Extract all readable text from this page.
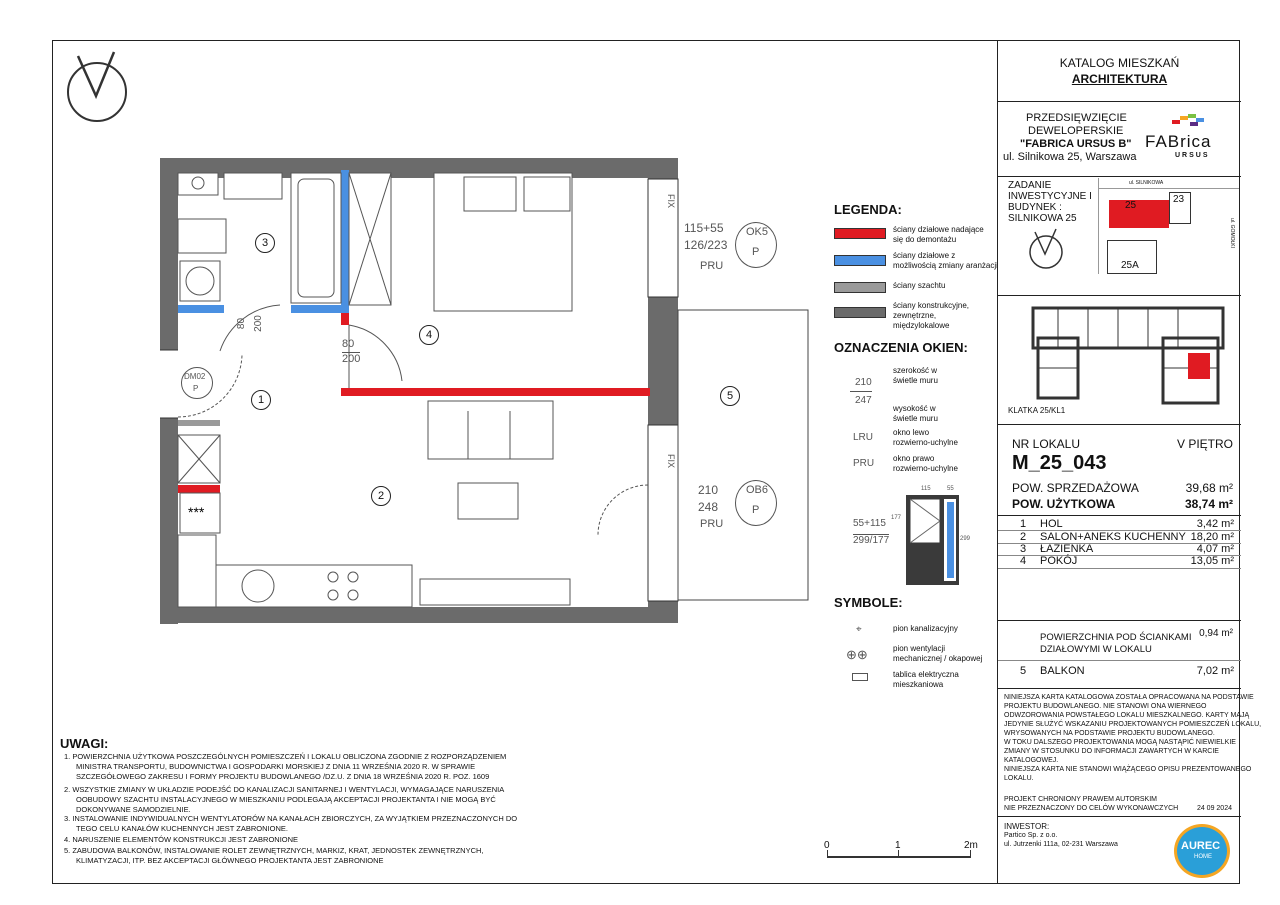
***
1
2
3
4
5
115+55
126/223
PRU
OK5
P
210
248
PRU
OB6
P
DM02
P
80
200
80 200
FIX
FIX
LEGENDA:
ściany działowe nadające
się do demontażu
ściany działowe z
możliwością zmiany aranżacji
ściany szachtu
ściany konstrukcyjne,
zewnętrzne,
międzylokalowe
OZNACZENIA OKIEN:
210
247
szerokość w
świetle muru
wysokość w
świetle muru
LRU okno lewo
rozwierno-uchylne
PRU okno prawo
rozwierno-uchylne
55+115
299/177
115	55
177
299
SYMBOLE:
⌖	pion kanalizacyjny
⊕⊕	pion wentylacji
mechanicznej / okapowej
tablica elektryczna
mieszkaniowa
0	1	2m
UWAGI:
1. POWIERZCHNIA UŻYTKOWA POSZCZEGÓLNYCH POMIESZCZEŃ I LOKALU OBLICZONA ZGODNIE Z ROZPORZĄDZENIEM
MINISTRA TRANSPORTU, BUDOWNICTWA I GOSPODARKI MORSKIEJ Z DNIA 11 WRZEŚNIA 2020 R. W SPRAWIE
SZCZEGÓŁOWEGO ZAKRESU I FORMY PROJEKTU BUDOWLANEGO /DZ.U. Z DNIA 18 WRZEŚNIA 2020 R. POZ. 1609
2. WSZYSTKIE ZMIANY W UKŁADZIE PODEJŚĆ DO KANALIZACJI SANITARNEJ I WENTYLACJI, WYMAGAJĄCE NARUSZENIA
OOBUDOWY SZACHTU INSTALACYJNEGO W MIESZKANIU PODLEGAJĄ AKCEPTACJI PROJEKTANTA I NIE MOGĄ BYĆ
DOKONYWANE SAMODZIELNIE.
3. INSTALOWANIE INDYWIDUALNYCH WENTYLATORÓW NA KANAŁACH ZBIORCZYCH, ZA WYJĄTKIEM PRZEZNACZONYCH DO
TEGO CELU KANAŁÓW KUCHENNYCH JEST ZABRONIONE.
4. NARUSZENIE ELEMENTÓW KONSTRUKCJI JEST ZABRONIONE
5. ZABUDOWA BALKONÓW, INSTALOWANIE ROLET ZEWNĘTRZNYCH, MARKIZ, KRAT, JEDNOSTEK ZEWNĘTRZNYCH,
KLIMATYZACJI, ITP. BEZ AKCEPTACJI GŁÓWNEGO PROJEKTANTA JEST ZABRONIONE
KATALOG MIESZKAŃ
ARCHITEKTURA
PRZEDSIĘWZIĘCIE
DEWELOPERSKIE
"FABRICA URSUS B"
ul. Silnikowa 25, Warszawa
FABrica
URSUS
ZADANIE
INWESTYCYJNE I
BUDYNEK :
SILNIKOWA 25
ul. SILNIKOWA
25
23
25A
ul. GOMOŁKI
KLATKA 25/KL1
NR LOKALU	V PIĘTRO
M_25_043
POW. SPRZEDAŻOWA	39,68 m²
POW. UŻYTKOWA	38,74 m²
1 HOL	3,42 m²
2 SALON+ANEKS KUCHENNY 18,20 m²
3 ŁAZIENKA	4,07 m²
4 POKÓJ	13,05 m²
POWIERZCHNIA POD ŚCIANKAMI
DZIAŁOWYMI W LOKALU
0,94 m²
5 BALKON	7,02 m²
NINIEJSZA KARTA KATALOGOWA ZOSTAŁA OPRACOWANA NA PODSTAWIE
PROJEKTU BUDOWLANEGO. NIE STANOWI ONA WIERNEGO
ODWZOROWANIA POWSTAŁEGO LOKALU MIESZKALNEGO. KARTY MAJĄ
JEDYNIE SŁUŻYĆ WSKAZANIU PROJEKTOWANYCH POMIESZCZEŃ LOKALU,
WRYSOWANYCH NA PODSTAWIE PROJEKTU BUDOWLANEGO.
W TOKU DALSZEGO PROJEKTOWANIA MOGĄ NASTĄPIĆ NIEWIELKIE
ZMIANY W STOSUNKU DO INFORMACJI ZAWARTYCH W KARCIE
KATALOGOWEJ.
NINIEJSZA KARTA NIE STANOWI WIĄŻĄCEGO OPISU PREZENTOWANEGO
LOKALU.
PROJEKT CHRONIONY PRAWEM AUTORSKIM
NIE PRZEZNACZONY DO CELÓW WYKONAWCZYCH	24 09 2024
INWESTOR:
Partico Sp. z o.o.
ul. Jutrzenki 111a, 02-231 Warszawa	AUREC
HOME
